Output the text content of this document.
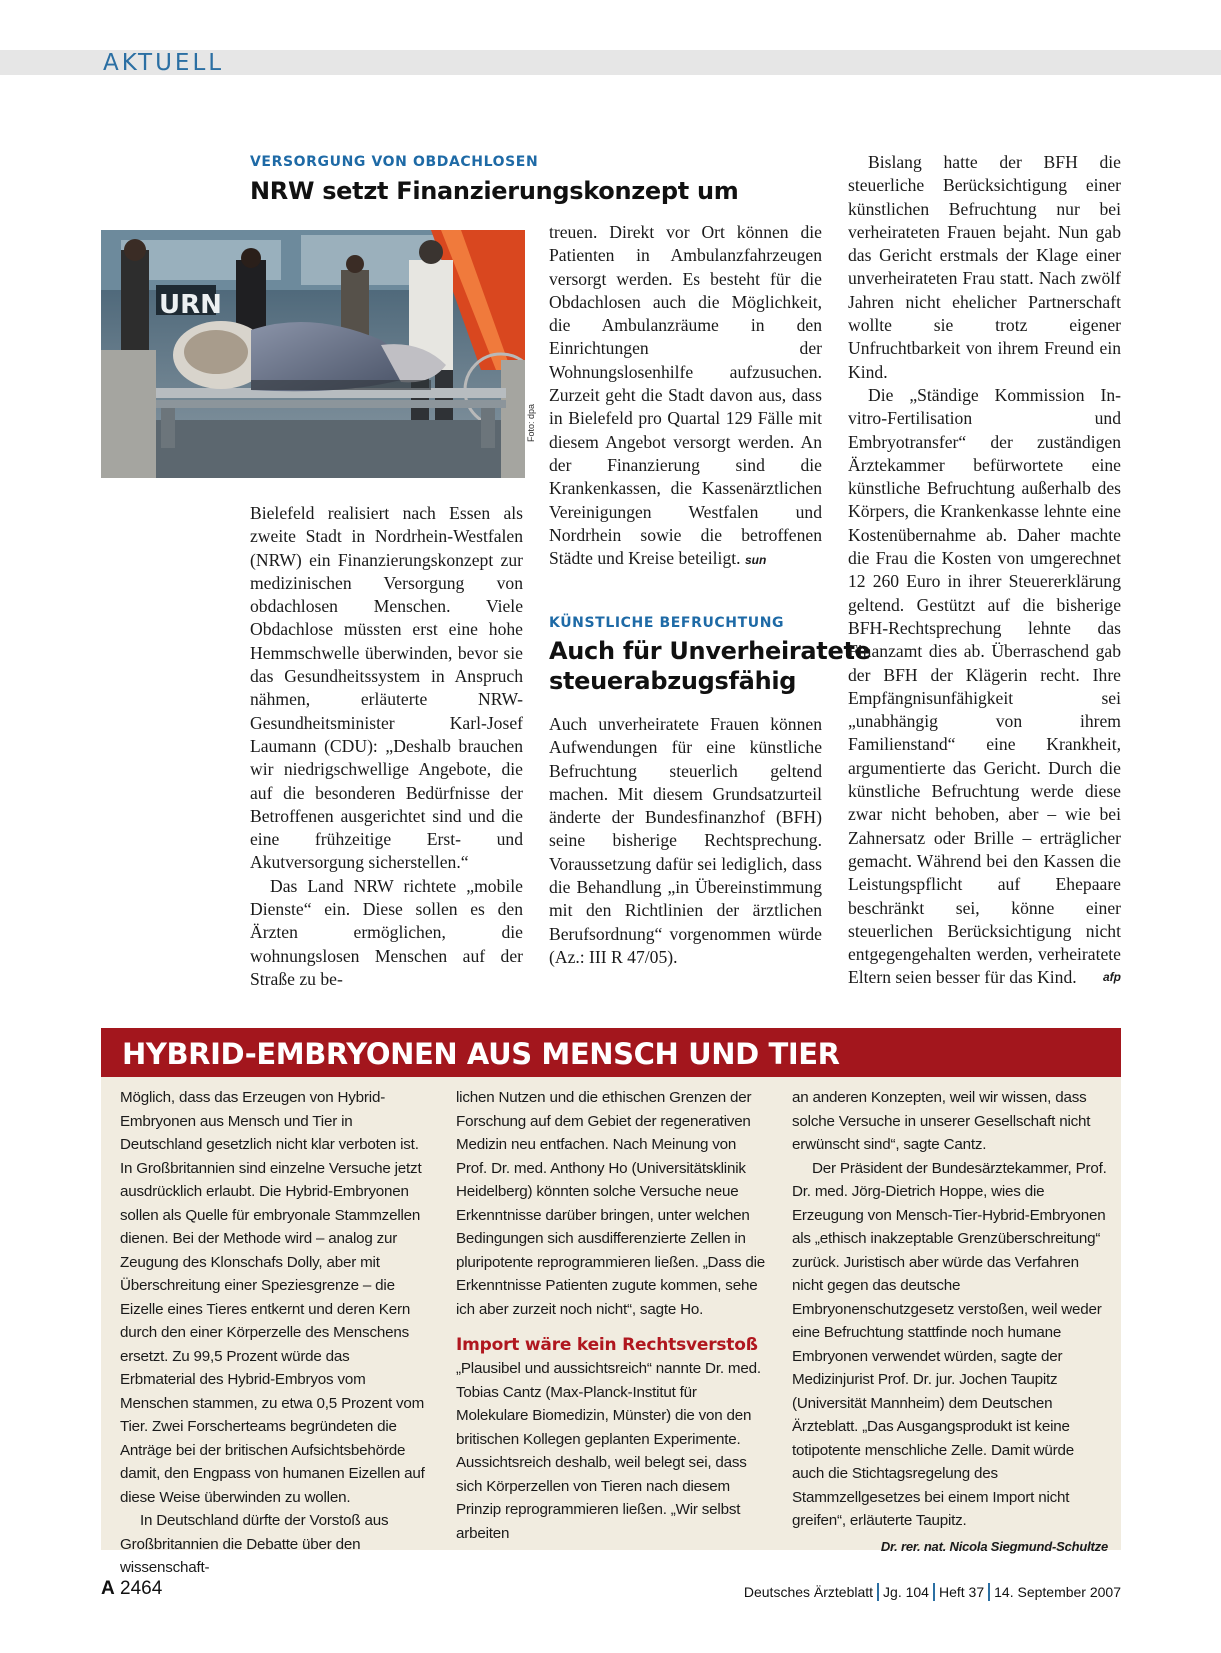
AKTUELL
VERSORGUNG VON OBDACHLOSEN
NRW setzt Finanzierungskonzept um
URN
Foto: dpa

Bielefeld realisiert nach Essen als zweite Stadt in Nordrhein-Westfalen (NRW) ein Finanzierungskonzept zur medizinischen Versorgung von obdachlosen Menschen. Viele Obdachlose müssten erst eine hohe Hemmschwelle überwinden, bevor sie das Gesundheitssystem in Anspruch nähmen, erläuterte NRW-Gesundheitsminister Karl-Josef Laumann (CDU): „Deshalb brauchen wir niedrigschwellige Angebote, die auf die besonderen Bedürfnisse der Betroffenen ausgerichtet sind und die eine frühzeitige Erst- und Akutversorgung sicherstellen.“

Das Land NRW richtete „mobile Dienste“ ein. Diese sollen es den Ärzten ermöglichen, die wohnungslosen Menschen auf der Straße zu be-

treuen. Direkt vor Ort können die Patienten in Ambulanzfahrzeugen versorgt werden. Es besteht für die Obdachlosen auch die Möglichkeit, die Ambulanzräume in den Einrichtungen der Wohnungslosenhilfe aufzusuchen. Zurzeit geht die Stadt davon aus, dass in Bielefeld pro Quartal 129 Fälle mit diesem Angebot versorgt werden. An der Finanzierung sind die Krankenkassen, die Kassenärztlichen Vereinigungen Westfalen und Nordrhein sowie die betroffenen Städte und Kreise beteiligt. sun

KÜNSTLICHE BEFRUCHTUNG
Auch für Unverheiratete
steuerabzugsfähig

Auch unverheiratete Frauen können Aufwendungen für eine künstliche Befruchtung steuerlich geltend machen. Mit diesem Grundsatzurteil änderte der Bundesfinanzhof (BFH) seine bisherige Rechtsprechung. Voraussetzung dafür sei lediglich, dass die Behandlung „in Übereinstimmung mit den Richtlinien der ärztlichen Berufsordnung“ vorgenommen würde (Az.: III R 47/05).

Bislang hatte der BFH die steuerliche Berücksichtigung einer künstlichen Befruchtung nur bei verheirateten Frauen bejaht. Nun gab das Gericht erstmals der Klage einer unverheirateten Frau statt. Nach zwölf Jahren nicht ehelicher Partnerschaft wollte sie trotz eigener Unfruchtbarkeit von ihrem Freund ein Kind.

Die „Ständige Kommission In-vitro-Fertilisation und Embryotransfer“ der zuständigen Ärztekammer befürwortete eine künstliche Befruchtung außerhalb des Körpers, die Krankenkasse lehnte eine Kostenübernahme ab. Daher machte die Frau die Kosten von umgerechnet 12 260 Euro in ihrer Steuererklärung geltend. Gestützt auf die bisherige BFH-Rechtsprechung lehnte das Finanzamt dies ab. Überraschend gab der BFH der Klägerin recht. Ihre Empfängnisunfähigkeit sei „unabhängig von ihrem Familienstand“ eine Krankheit, argumentierte das Gericht. Durch die künstliche Befruchtung werde diese zwar nicht behoben, aber – wie bei Zahnersatz oder Brille – erträglicher gemacht. Während bei den Kassen die Leistungspflicht auf Ehepaare beschränkt sei, könne einer steuerlichen Berücksichtigung nicht entgegengehalten werden, verheiratete Eltern seien besser für das Kind.	afp

HYBRID-EMBRYONEN AUS MENSCH UND TIER

Möglich, dass das Erzeugen von Hybrid-Embryonen aus Mensch und Tier in Deutschland gesetzlich nicht klar verboten ist. In Großbritannien sind einzelne Versuche jetzt ausdrücklich erlaubt. Die Hybrid-Embryonen sollen als Quelle für embryonale Stammzellen dienen. Bei der Methode wird – analog zur Zeugung des Klonschafs Dolly, aber mit Überschreitung einer Speziesgrenze – die Eizelle eines Tieres entkernt und deren Kern durch den einer Körperzelle des Menschens ersetzt. Zu 99,5 Prozent würde das Erbmaterial des Hybrid-Embryos vom Menschen stammen, zu etwa 0,5 Prozent vom Tier. Zwei Forscherteams begründeten die Anträge bei der britischen Aufsichtsbehörde damit, den Engpass von humanen Eizellen auf diese Weise überwinden zu wollen.

In Deutschland dürfte der Vorstoß aus Großbritannien die Debatte über den wissenschaft-

lichen Nutzen und die ethischen Grenzen der Forschung auf dem Gebiet der regenerativen Medizin neu entfachen. Nach Meinung von Prof. Dr. med. Anthony Ho (Universitätsklinik Heidelberg) könnten solche Versuche neue Erkenntnisse darüber bringen, unter welchen Bedingungen sich ausdifferenzierte Zellen in pluripotente reprogrammieren ließen. „Dass die Erkenntnisse Patienten zugute kommen, sehe ich aber zurzeit noch nicht“, sagte Ho.

Import wäre kein Rechtsverstoß

„Plausibel und aussichtsreich“ nannte Dr. med. Tobias Cantz (Max-Planck-Institut für Molekulare Biomedizin, Münster) die von den britischen Kollegen geplanten Experimente. Aussichtsreich deshalb, weil belegt sei, dass sich Körperzellen von Tieren nach diesem Prinzip reprogrammieren ließen. „Wir selbst arbeiten

an anderen Konzepten, weil wir wissen, dass solche Versuche in unserer Gesellschaft nicht erwünscht sind“, sagte Cantz.

Der Präsident der Bundesärztekammer, Prof. Dr. med. Jörg-Dietrich Hoppe, wies die Erzeugung von Mensch-Tier-Hybrid-Embryonen als „ethisch inakzeptable Grenzüberschreitung“ zurück. Juristisch aber würde das Verfahren nicht gegen das deutsche Embryonenschutzgesetz verstoßen, weil weder eine Befruchtung stattfinde noch humane Embryonen verwendet würden, sagte der Medizinjurist Prof. Dr. jur. Jochen Taupitz (Universität Mannheim) dem Deutschen Ärzteblatt. „Das Ausgangsprodukt ist keine totipotente menschliche Zelle. Damit würde auch die Stichtagsregelung des Stammzellgesetzes bei einem Import nicht greifen“, erläuterte Taupitz.

Dr. rer. nat. Nicola Siegmund-Schultze

A 2464	Deutsches Ärzteblatt Jg. 104 Heft 37 14. September 2007
